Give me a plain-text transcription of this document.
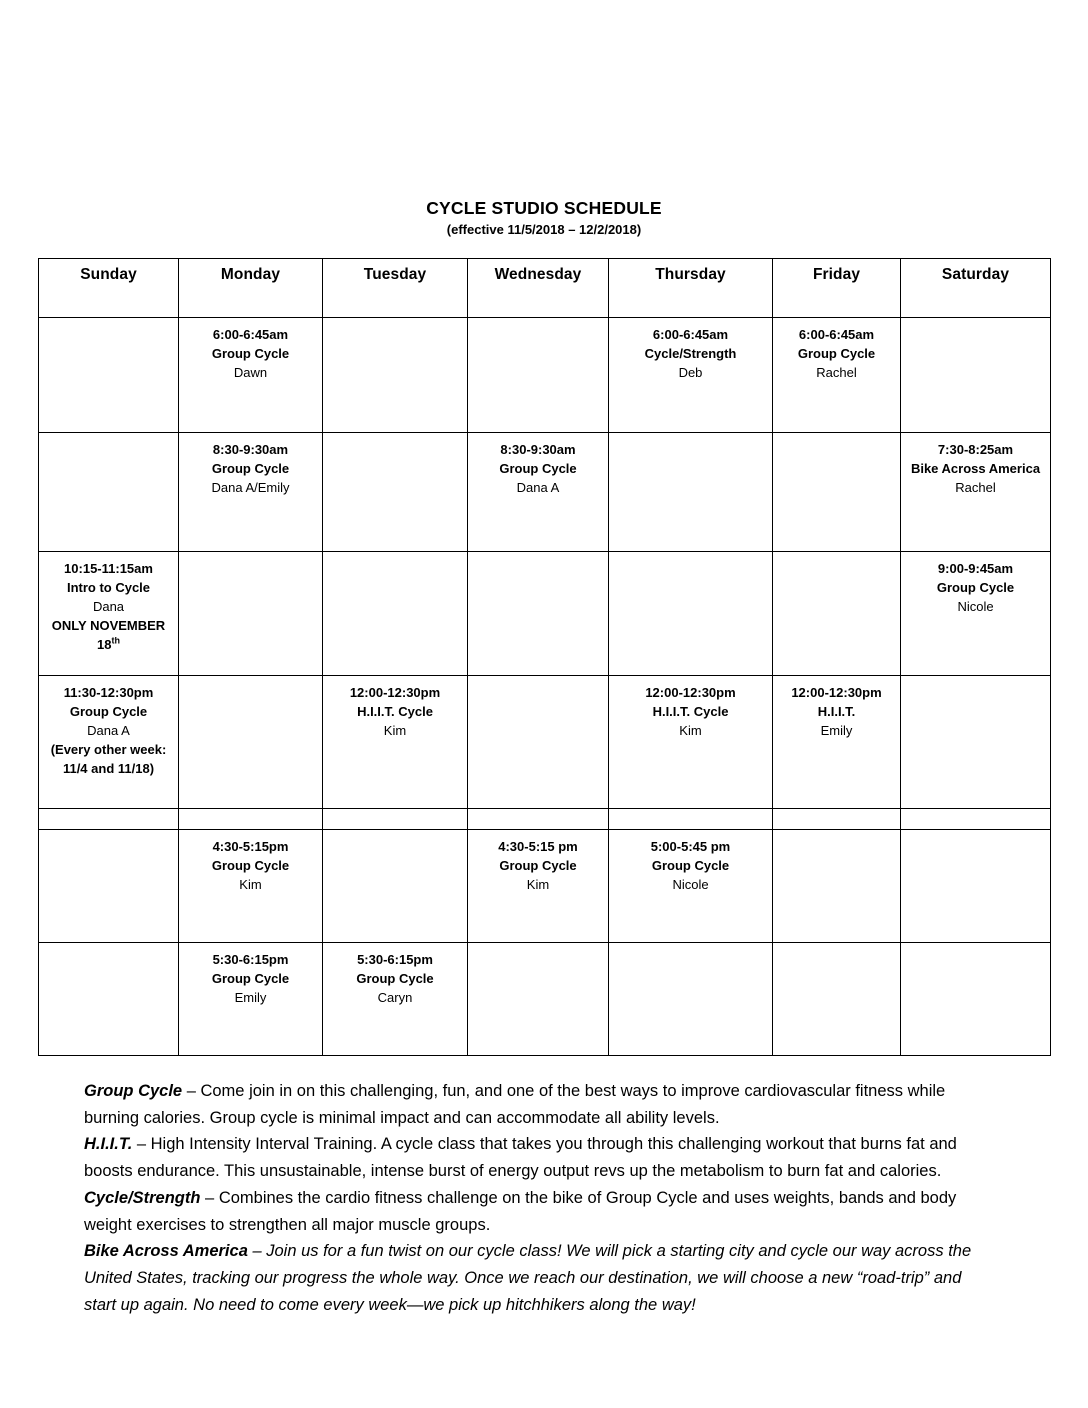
CYCLE STUDIO SCHEDULE
(effective 11/5/2018 – 12/2/2018)
Sunday	Monday	Tuesday	Wednesday	Thursday	Friday	Saturday

	6:00-6:45am
Group Cycle
Dawn			6:00-6:45am
Cycle/Strength
Deb	6:00-6:45am
Group Cycle
Rachel	

	8:30-9:30am
Group Cycle
Dana A/Emily		8:30-9:30am
Group Cycle
Dana A			7:30-8:25am
Bike Across America
Rachel

10:15-11:15am
Intro to Cycle
Dana
ONLY NOVEMBER 18th						9:00-9:45am
Group Cycle
Nicole

11:30-12:30pm
Group Cycle
Dana A
(Every other week: 11/4 and 11/18)		12:00-12:30pm
H.I.I.T. Cycle
Kim		12:00-12:30pm
H.I.I.T. Cycle
Kim	12:00-12:30pm
H.I.I.T.
Emily	

	4:30-5:15pm
Group Cycle
Kim		4:30-5:15 pm
Group Cycle
Kim	5:00-5:45 pm
Group Cycle
Nicole		

	5:30-6:15pm
Group Cycle
Emily	5:30-6:15pm
Group Cycle
Caryn				

Group Cycle – Come join in on this challenging, fun, and one of the best ways to improve cardiovascular fitness while burning calories. Group cycle is minimal impact and can accommodate all ability levels.

H.I.I.T. – High Intensity Interval Training. A cycle class that takes you through this challenging workout that burns fat and boosts endurance. This unsustainable, intense burst of energy output revs up the metabolism to burn fat and calories.

Cycle/Strength – Combines the cardio fitness challenge on the bike of Group Cycle and uses weights, bands and body weight exercises to strengthen all major muscle groups.

Bike Across America – Join us for a fun twist on our cycle class! We will pick a starting city and cycle our way across the United States, tracking our progress the whole way. Once we reach our destination, we will choose a new “road-trip” and start up again. No need to come every week—we pick up hitchhikers along the way!
